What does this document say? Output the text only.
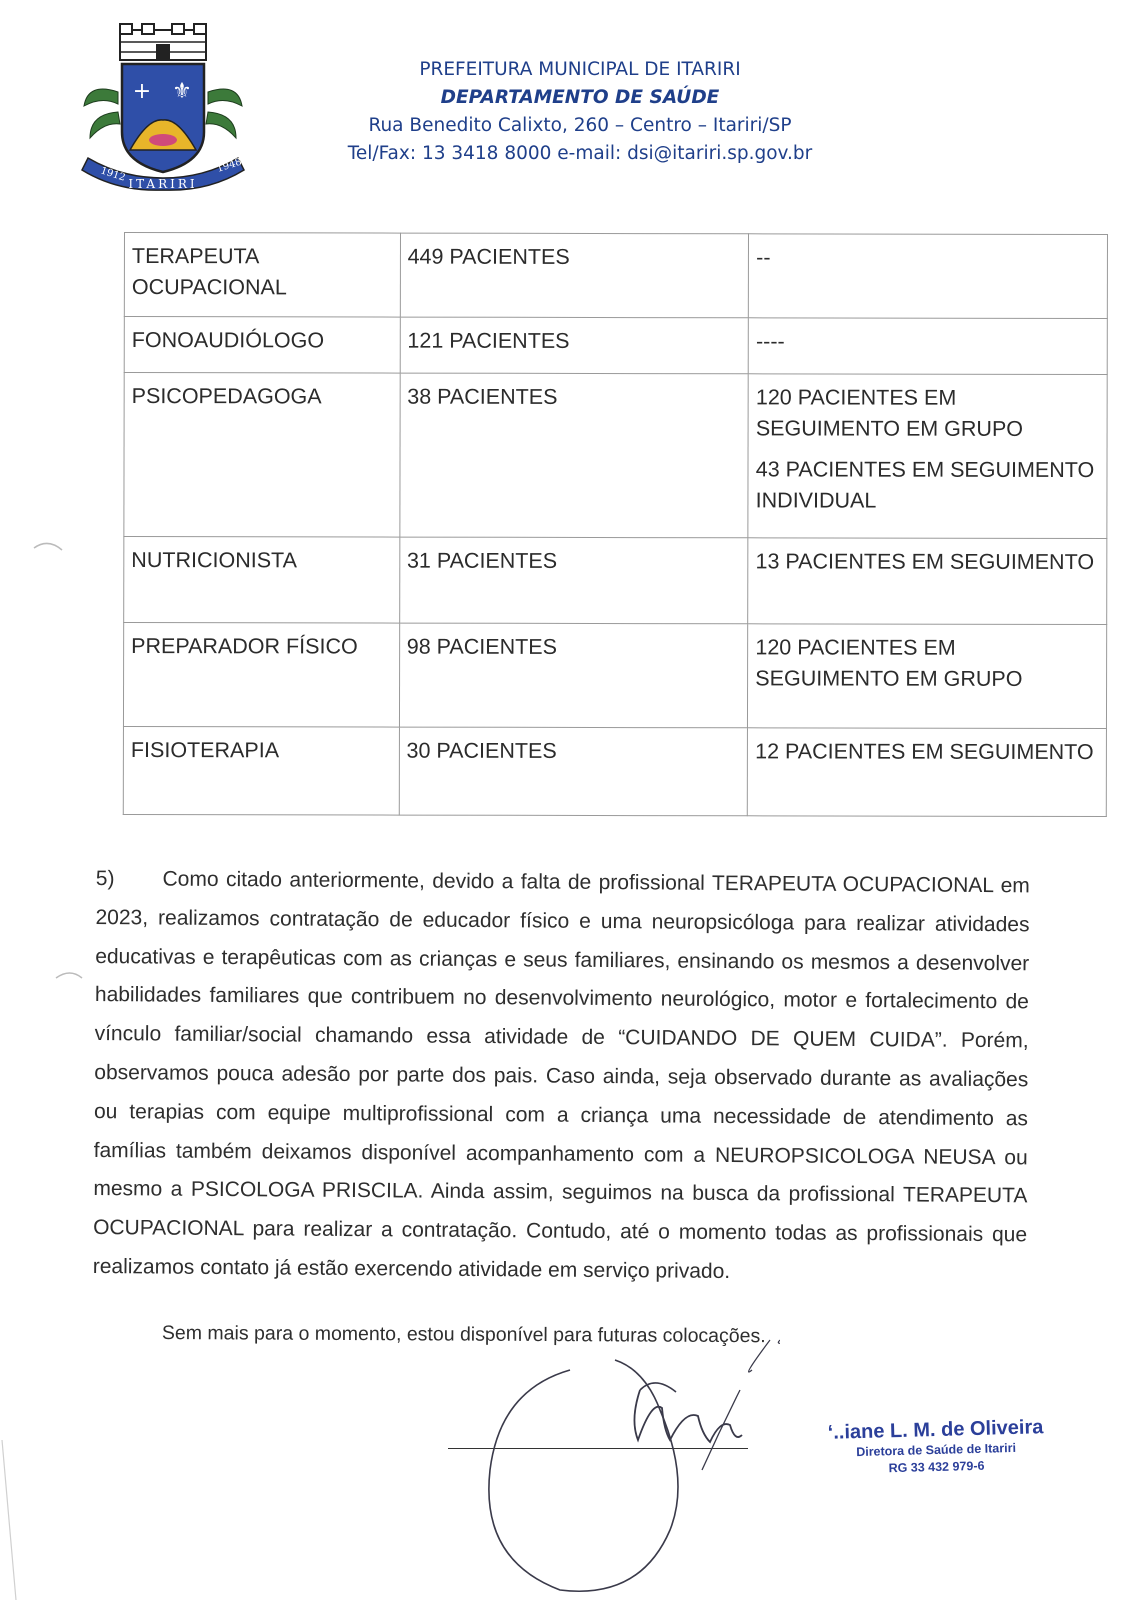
+ ⚜
1912	1948
ITARIRI
PREFEITURA MUNICIPAL DE ITARIRI
DEPARTAMENTO DE SAÚDE
Rua Benedito Calixto, 260 – Centro – Itariri/SP
Tel/Fax: 13 3418 8000 e-mail: dsi@itariri.sp.gov.br
TERAPEUTA OCUPACIONAL	449 PACIENTES	--

FONOAUDIÓLOGO	121 PACIENTES	----

PSICOPEDAGOGA	38 PACIENTES	120 PACIENTES EM SEGUIMENTO EM GRUPO
43 PACIENTES EM SEGUIMENTO INDIVIDUAL

NUTRICIONISTA	31 PACIENTES	13 PACIENTES EM SEGUIMENTO

PREPARADOR FÍSICO	98 PACIENTES	120 PACIENTES EM SEGUIMENTO EM GRUPO

FISIOTERAPIA	30 PACIENTES	12 PACIENTES EM SEGUIMENTO
5) Como citado anteriormente, devido a falta de profissional TERAPEUTA OCUPACIONAL em 2023, realizamos contratação de educador físico e uma neuropsicóloga para realizar atividades educativas e terapêuticas com as crianças e seus familiares, ensinando os mesmos a desenvolver habilidades familiares que contribuem no desenvolvimento neurológico, motor e fortalecimento de vínculo familiar/social chamando essa atividade de “CUIDANDO DE QUEM CUIDA”. Porém, observamos pouca adesão por parte dos pais. Caso ainda, seja observado durante as avaliações ou terapias com equipe multiprofissional com a criança uma necessidade de atendimento as famílias também deixamos disponível acompanhamento com a NEUROPSICOLOGA NEUSA ou mesmo a PSICOLOGA PRISCILA. Ainda assim, seguimos na busca da profissional TERAPEUTA OCUPACIONAL para realizar a contratação. Contudo, até o momento todas as profissionais que realizamos contato já estão exercendo atividade em serviço privado.
Sem mais para o momento, estou disponível para futuras colocações.
‘..iane L. M. de Oliveira
Diretora de Saúde de Itariri
RG 33 432 979-6
